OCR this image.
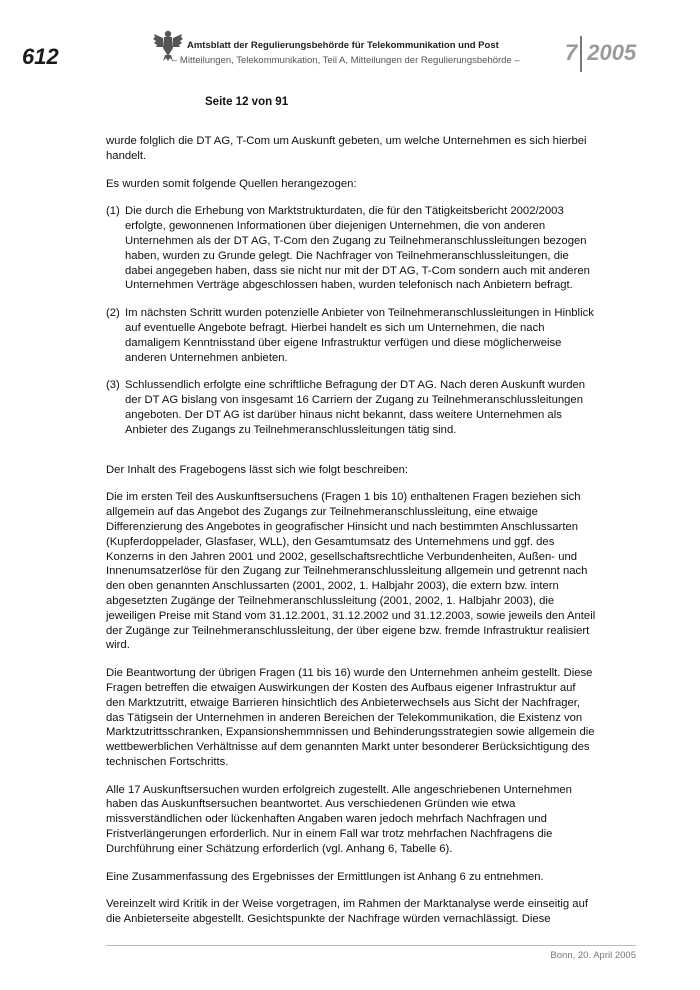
612	Amtsblatt der Regulierungsbehörde für Telekommunikation und Post
– Mitteilungen, Telekommunikation, Teil A, Mitteilungen der Regulierungsbehörde – 7 2005
Seite 12 von 91

wurde folglich die DT AG, T-Com um Auskunft gebeten, um welche Unternehmen es sich hierbei handelt.

Es wurden somit folgende Quellen herangezogen:

(1) Die durch die Erhebung von Marktstrukturdaten, die für den Tätigkeitsbericht 2002/2003 erfolgte, gewonnenen Informationen über diejenigen Unternehmen, die von anderen Unternehmen als der DT AG, T-Com den Zugang zu Teilnehmeranschlussleitungen bezogen haben, wurden zu Grunde gelegt. Die Nachfrager von Teilnehmeranschlussleitungen, die dabei angegeben haben, dass sie nicht nur mit der DT AG, T-Com sondern auch mit anderen Unternehmen Verträge abgeschlossen haben, wurden telefonisch nach Anbietern befragt.
(2) Im nächsten Schritt wurden potenzielle Anbieter von Teilnehmeranschlussleitungen in Hinblick auf eventuelle Angebote befragt. Hierbei handelt es sich um Unternehmen, die nach damaligem Kenntnisstand über eigene Infrastruktur verfügen und diese möglicherweise anderen Unternehmen anbieten.
(3) Schlussendlich erfolgte eine schriftliche Befragung der DT AG. Nach deren Auskunft wurden der DT AG bislang von insgesamt 16 Carriern der Zugang zu Teilnehmeranschlussleitungen angeboten. Der DT AG ist darüber hinaus nicht bekannt, dass weitere Unternehmen als Anbieter des Zugangs zu Teilnehmeranschlussleitungen tätig sind.

Der Inhalt des Fragebogens lässt sich wie folgt beschreiben:

Die im ersten Teil des Auskunftsersuchens (Fragen 1 bis 10) enthaltenen Fragen beziehen sich allgemein auf das Angebot des Zugangs zur Teilnehmeranschlussleitung, eine etwaige Differenzierung des Angebotes in geografischer Hinsicht und nach bestimmten Anschlussarten (Kupferdoppelader, Glasfaser, WLL), den Gesamtumsatz des Unternehmens und ggf. des Konzerns in den Jahren 2001 und 2002, gesellschaftsrechtliche Verbundenheiten, Außen- und Innenumsatzerlöse für den Zugang zur Teilnehmeranschlussleitung allgemein und getrennt nach den oben genannten Anschlussarten (2001, 2002, 1. Halbjahr 2003), die extern bzw. intern abgesetzten Zugänge der Teilnehmeranschlussleitung (2001, 2002, 1. Halbjahr 2003), die jeweiligen Preise mit Stand vom 31.12.2001, 31.12.2002 und 31.12.2003, sowie jeweils den Anteil der Zugänge zur Teilnehmeranschlussleitung, der über eigene bzw. fremde Infrastruktur realisiert wird.

Die Beantwortung der übrigen Fragen (11 bis 16) wurde den Unternehmen anheim gestellt. Diese Fragen betreffen die etwaigen Auswirkungen der Kosten des Aufbaus eigener Infrastruktur auf den Marktzutritt, etwaige Barrieren hinsichtlich des Anbieterwechsels aus Sicht der Nachfrager, das Tätigsein der Unternehmen in anderen Bereichen der Telekommunikation, die Existenz von Marktzutrittsschranken, Expansionshemmnissen und Behinderungsstrategien sowie allgemein die wettbewerblichen Verhältnisse auf dem genannten Markt unter besonderer Berücksichtigung des technischen Fortschritts.

Alle 17 Auskunftsersuchen wurden erfolgreich zugestellt. Alle angeschriebenen Unternehmen haben das Auskunftsersuchen beantwortet. Aus verschiedenen Gründen wie etwa missverständlichen oder lückenhaften Angaben waren jedoch mehrfach Nachfragen und Fristverlängerungen erforderlich. Nur in einem Fall war trotz mehrfachen Nachfragens die Durchführung einer Schätzung erforderlich (vgl. Anhang 6, Tabelle 6).

Eine Zusammenfassung des Ergebnisses der Ermittlungen ist Anhang 6 zu entnehmen.

Vereinzelt wird Kritik in der Weise vorgetragen, im Rahmen der Marktanalyse werde einseitig auf die Anbieterseite abgestellt. Gesichtspunkte der Nachfrage würden vernachlässigt. Diese

Bonn, 20. April 2005
